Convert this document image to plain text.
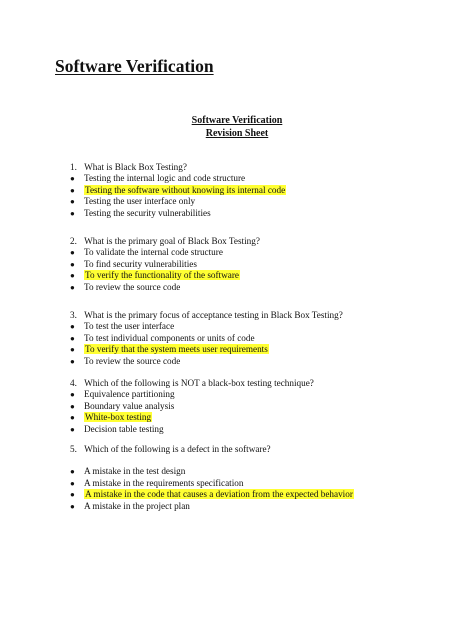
Software Verification
Software Verification
Revision Sheet
1. What is Black Box Testing?
● Testing the internal logic and code structure
● Testing the software without knowing its internal code
● Testing the user interface only
● Testing the security vulnerabilities
2. What is the primary goal of Black Box Testing?
● To validate the internal code structure
● To find security vulnerabilities
● To verify the functionality of the software
● To review the source code
3. What is the primary focus of acceptance testing in Black Box Testing?
● To test the user interface
● To test individual components or units of code
● To verify that the system meets user requirements
● To review the source code
4. Which of the following is NOT a black-box testing technique?
● Equivalence partitioning
● Boundary value analysis
● White-box testing
● Decision table testing
5. Which of the following is a defect in the software?
● A mistake in the test design
● A mistake in the requirements specification
● A mistake in the code that causes a deviation from the expected behavior
● A mistake in the project plan
